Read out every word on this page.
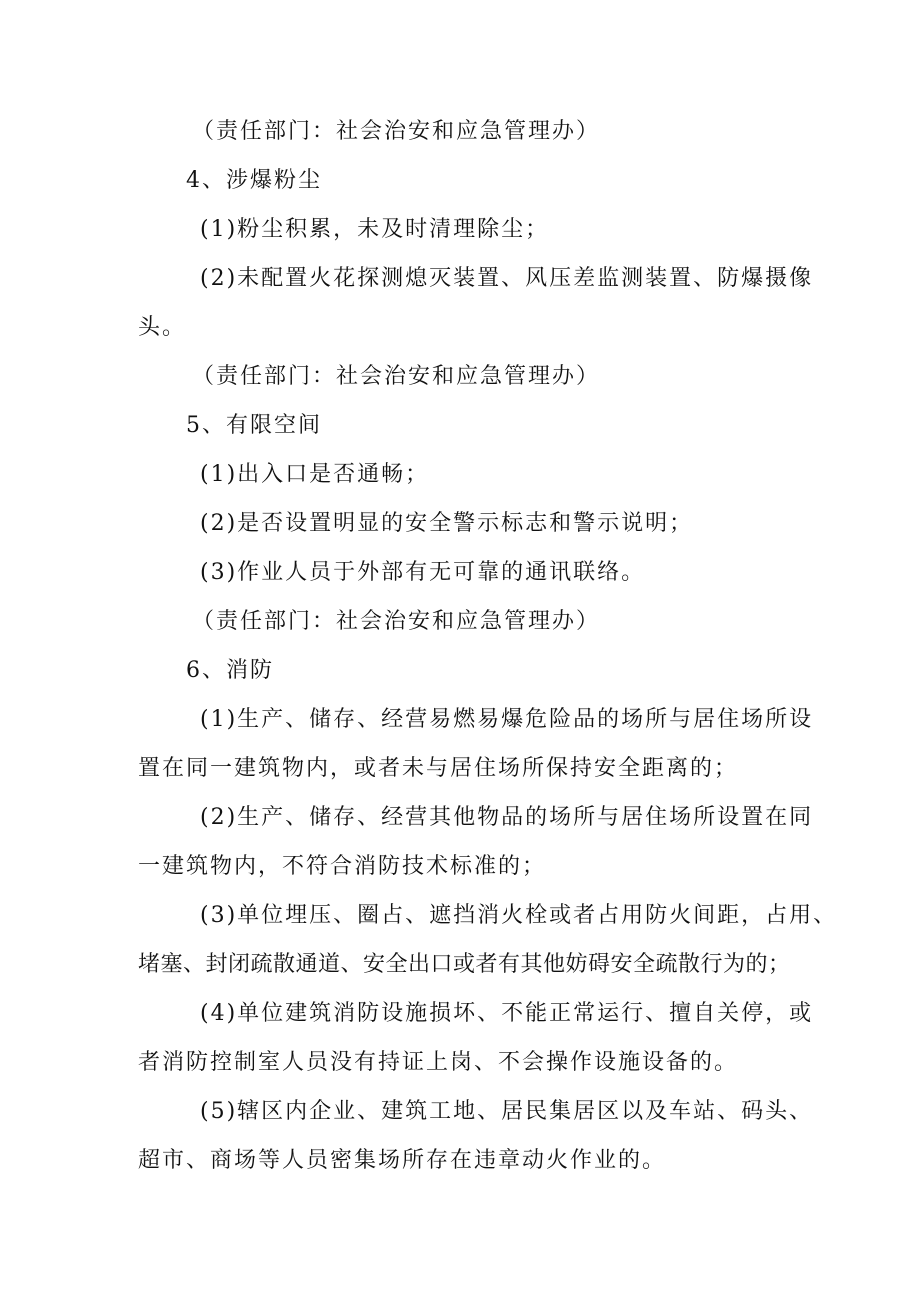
（责任部门：社会治安和应急管理办）
4、涉爆粉尘
(1)粉尘积累，未及时清理除尘；
(2)未配置火花探测熄灭装置、风压差监测装置、防爆摄像
头。
（责任部门：社会治安和应急管理办）
5、有限空间
(1)出入口是否通畅；
(2)是否设置明显的安全警示标志和警示说明；
(3)作业人员于外部有无可靠的通讯联络。
（责任部门：社会治安和应急管理办）
6、消防
(1)生产、储存、经营易燃易爆危险品的场所与居住场所设
置在同一建筑物内，或者未与居住场所保持安全距离的；
(2)生产、储存、经营其他物品的场所与居住场所设置在同
一建筑物内，不符合消防技术标准的；
(3)单位埋压、圈占、遮挡消火栓或者占用防火间距，占用、
堵塞、封闭疏散通道、安全出口或者有其他妨碍安全疏散行为的；
(4)单位建筑消防设施损坏、不能正常运行、擅自关停，或
者消防控制室人员没有持证上岗、不会操作设施设备的。
(5)辖区内企业、建筑工地、居民集居区以及车站、码头、
超市、商场等人员密集场所存在违章动火作业的。
